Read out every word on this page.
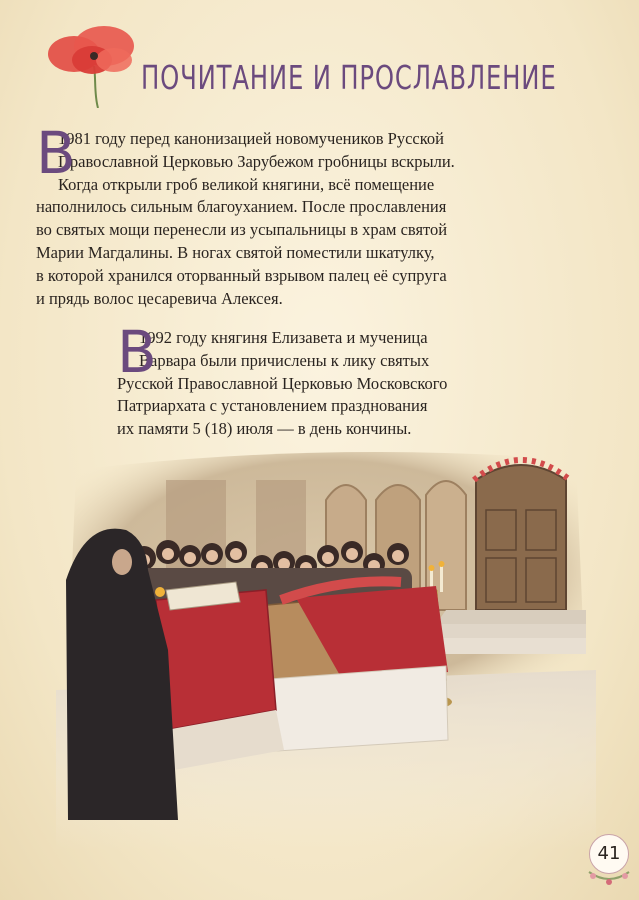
ПОЧИТАНИЕ И ПРОСЛАВЛЕНИЕ
В
1981 году перед канонизацией новомучеников Русской
Православной Церковью Зарубежом гробницы вскрыли.
Когда открыли гроб великой княгини, всё помещение
наполнилось сильным благоуханием. После прославления
во святых мощи перенесли из усыпальницы в храм святой
Марии Магдалины. В ногах святой поместили шкатулку,
в которой хранился оторванный взрывом палец её супруга
и прядь волос цесаревича Алексея.
В
1992 году княгиня Елизавета и мученица
Варвара были причислены к лику святых
Русской Православной Церковью Московского
Патриархата с установлением празднования
их памяти 5 (18) июля — в день кончины.
41
